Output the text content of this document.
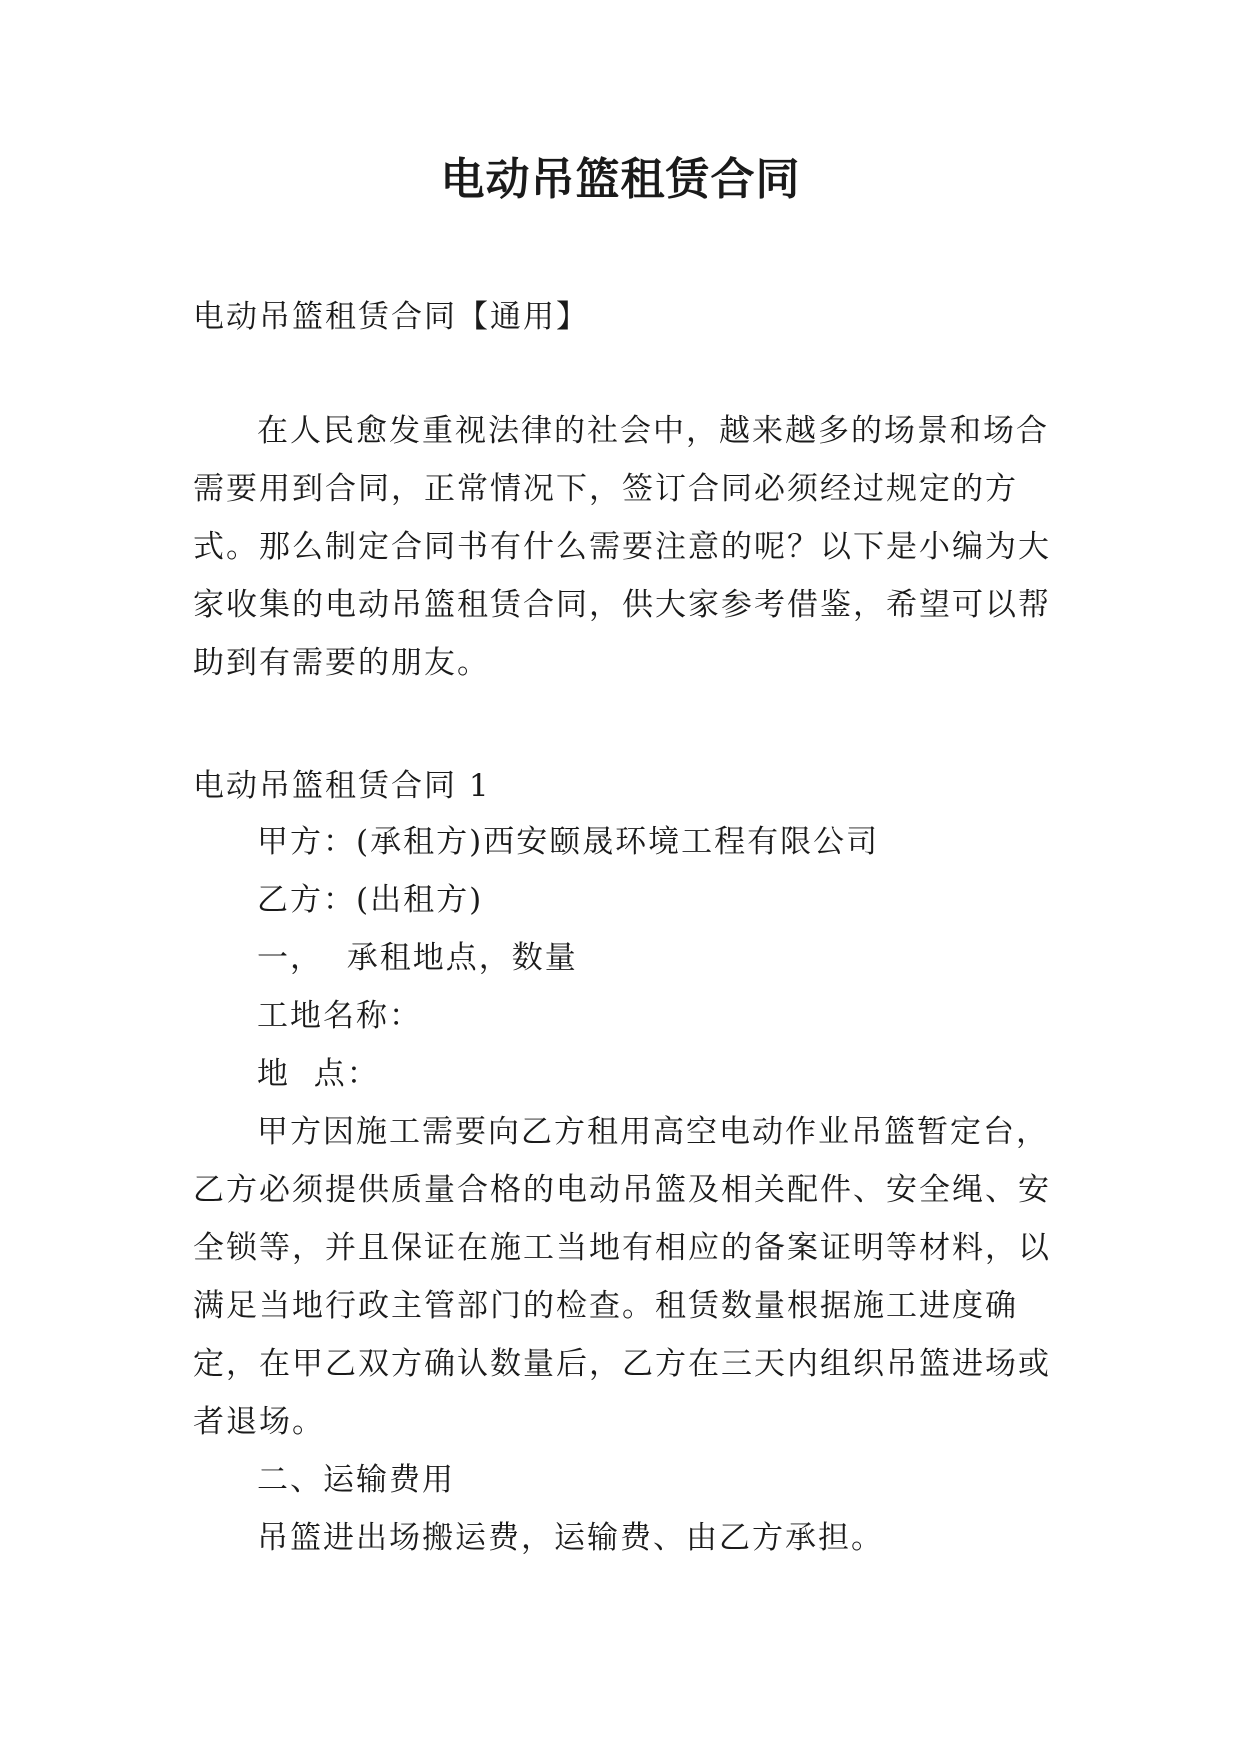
电动吊篮租赁合同

电动吊篮租赁合同【通用】

在人民愈发重视法律的社会中，越来越多的场景和场合需要用到合同，正常情况下，签订合同必须经过规定的方式。那么制定合同书有什么需要注意的呢？以下是小编为大家收集的电动吊篮租赁合同，供大家参考借鉴，希望可以帮助到有需要的朋友。

电动吊篮租赁合同 1

甲方：(承租方)西安颐晟环境工程有限公司
乙方：(出租方)
一，  承租地点，数量
工地名称：
地  点：

甲方因施工需要向乙方租用高空电动作业吊篮暂定台，乙方必须提供质量合格的电动吊篮及相关配件、安全绳、安全锁等，并且保证在施工当地有相应的备案证明等材料，以满足当地行政主管部门的检查。租赁数量根据施工进度确定，在甲乙双方确认数量后，乙方在三天内组织吊篮进场或者退场。

二、运输费用
吊篮进出场搬运费，运输费、由乙方承担。
